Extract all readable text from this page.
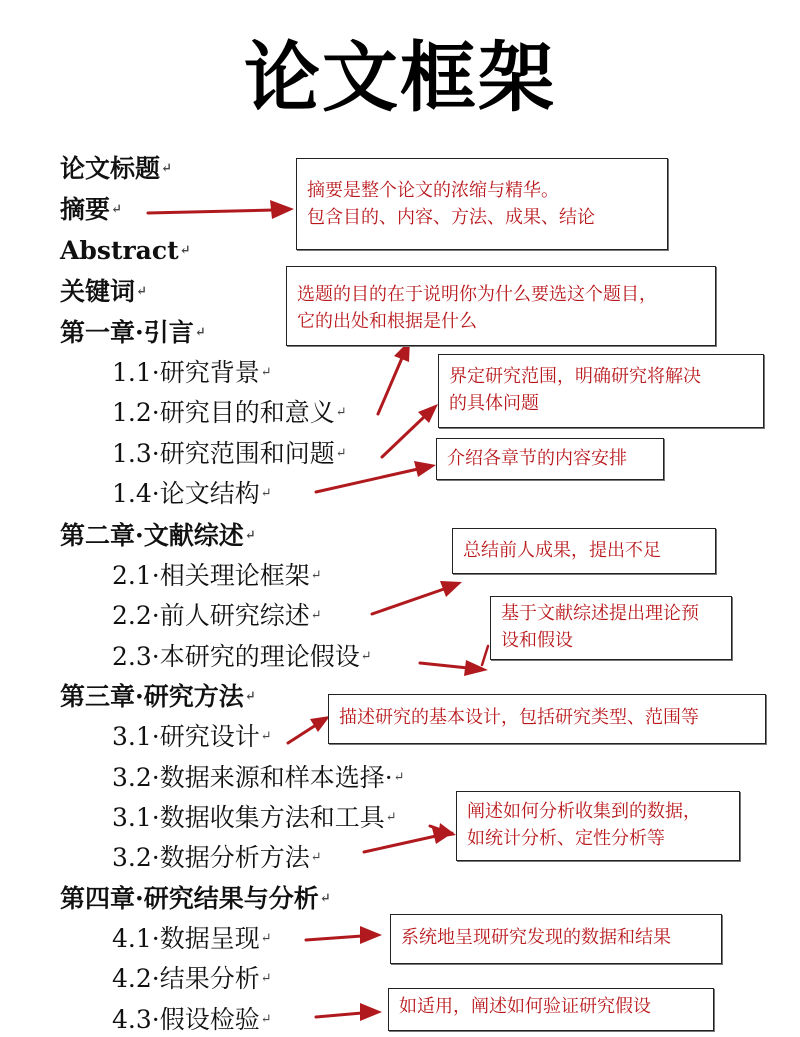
论文框架
论文标题↵
摘要↵
Abstract↵
关键词↵
第一章·引言↵
1.1·研究背景↵
1.2·研究目的和意义↵
1.3·研究范围和问题↵
1.4·论文结构↵
第二章·文献综述↵
2.1·相关理论框架↵
2.2·前人研究综述↵
2.3·本研究的理论假设↵
第三章·研究方法↵
3.1·研究设计↵
3.2·数据来源和样本选择·↵
3.1·数据收集方法和工具↵
3.2·数据分析方法↵
第四章·研究结果与分析↵
4.1·数据呈现↵
4.2·结果分析↵
4.3·假设检验↵
摘要是整个论文的浓缩与精华。
包含目的、内容、方法、成果、结论
选题的目的在于说明你为什么要选这个题目，
它的出处和根据是什么
界定研究范围，明确研究将解决
的具体问题
介绍各章节的内容安排
总结前人成果，提出不足
基于文献综述提出理论预
设和假设
描述研究的基本设计，包括研究类型、范围等
阐述如何分析收集到的数据，
如统计分析、定性分析等
系统地呈现研究发现的数据和结果
如适用，阐述如何验证研究假设
